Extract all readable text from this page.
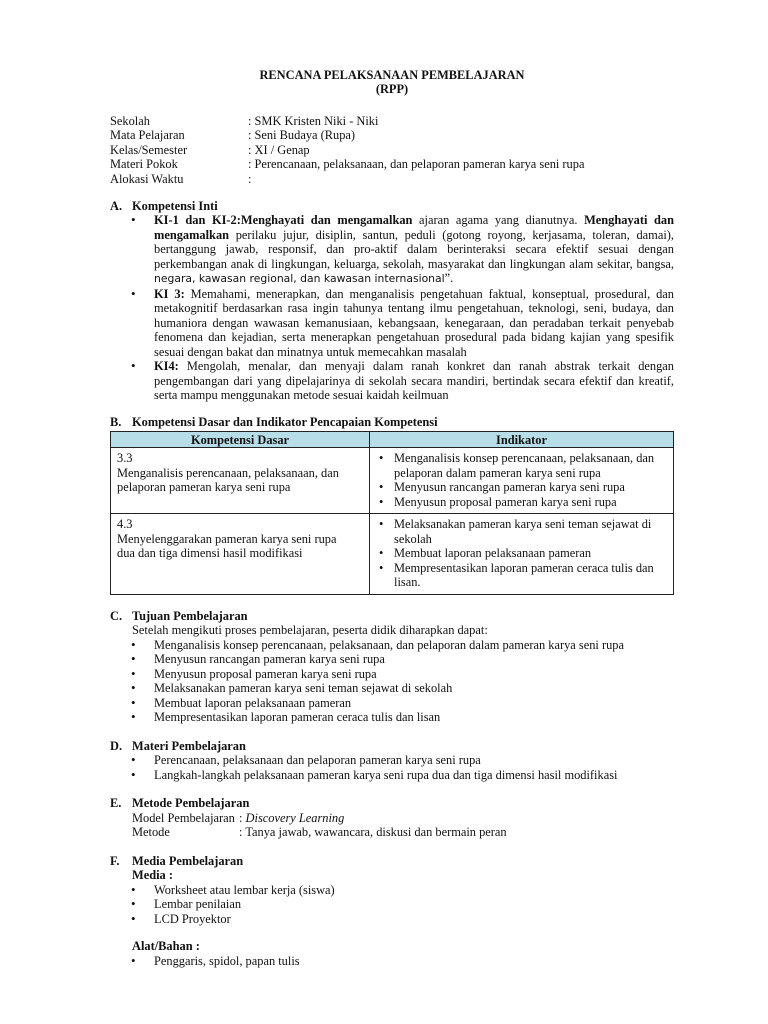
RENCANA PELAKSANAAN PEMBELAJARAN
(RPP)
Sekolah	: SMK Kristen Niki - Niki
Mata Pelajaran	: Seni Budaya (Rupa)
Kelas/Semester	: XI / Genap
Materi Pokok	: Perencanaan, pelaksanaan, dan pelaporan pameran karya seni rupa
Alokasi Waktu	:
A. Kompetensi Inti
• KI-1 dan KI-2:Menghayati dan mengamalkan ajaran agama yang dianutnya. Menghayati dan mengamalkan perilaku jujur, disiplin, santun, peduli (gotong royong, kerjasama, toleran, damai), bertanggung jawab, responsif, dan pro-aktif dalam berinteraksi secara efektif sesuai dengan perkembangan anak di lingkungan, keluarga, sekolah, masyarakat dan lingkungan alam sekitar, bangsa, negara, kawasan regional, dan kawasan internasional”.
• KI 3: Memahami, menerapkan, dan menganalisis pengetahuan faktual, konseptual, prosedural, dan metakognitif berdasarkan rasa ingin tahunya tentang ilmu pengetahuan, teknologi, seni, budaya, dan humaniora dengan wawasan kemanusiaan, kebangsaan, kenegaraan, dan peradaban terkait penyebab fenomena dan kejadian, serta menerapkan pengetahuan prosedural pada bidang kajian yang spesifik sesuai dengan bakat dan minatnya untuk memecahkan masalah
• KI4: Mengolah, menalar, dan menyaji dalam ranah konkret dan ranah abstrak terkait dengan pengembangan dari yang dipelajarinya di sekolah secara mandiri, bertindak secara efektif dan kreatif, serta mampu menggunakan metode sesuai kaidah keilmuan
B. Kompetensi Dasar dan Indikator Pencapaian Kompetensi
Kompetensi Dasar	Indikator
3.3Menganalisis perencanaan, pelaksanaan, dan pelaporan pameran karya seni rupa	• Menganalisis konsep perencanaan, pelaksanaan, dan pelaporan dalam pameran karya seni rupa
• Menyusun rancangan pameran karya seni rupa
• Menyusun proposal pameran karya seni rupa

4.3Menyelenggarakan pameran karya seni rupa dua dan tiga dimensi hasil modifikasi	• Melaksanakan pameran karya seni teman sejawat di sekolah
• Membuat laporan pelaksanaan pameran
• Mempresentasikan laporan pameran ceraca tulis dan lisan.
C. Tujuan Pembelajaran
Setelah mengikuti proses pembelajaran, peserta didik diharapkan dapat:
• Menganalisis konsep perencanaan, pelaksanaan, dan pelaporan dalam pameran karya seni rupa
• Menyusun rancangan pameran karya seni rupa
• Menyusun proposal pameran karya seni rupa
• Melaksanakan pameran karya seni teman sejawat di sekolah
• Membuat laporan pelaksanaan pameran
• Mempresentasikan laporan pameran ceraca tulis dan lisan
D. Materi Pembelajaran
• Perencanaan, pelaksanaan dan pelaporan pameran karya seni rupa
• Langkah-langkah pelaksanaan pameran karya seni rupa dua dan tiga dimensi hasil modifikasi
E. Metode Pembelajaran
Model Pembelajaran : Discovery Learning
Metode	: Tanya jawab, wawancara, diskusi dan bermain peran
F.	Media Pembelajaran
Media :
• Worksheet atau lembar kerja (siswa)
• Lembar penilaian
• LCD Proyektor
Alat/Bahan :
• Penggaris, spidol, papan tulis
